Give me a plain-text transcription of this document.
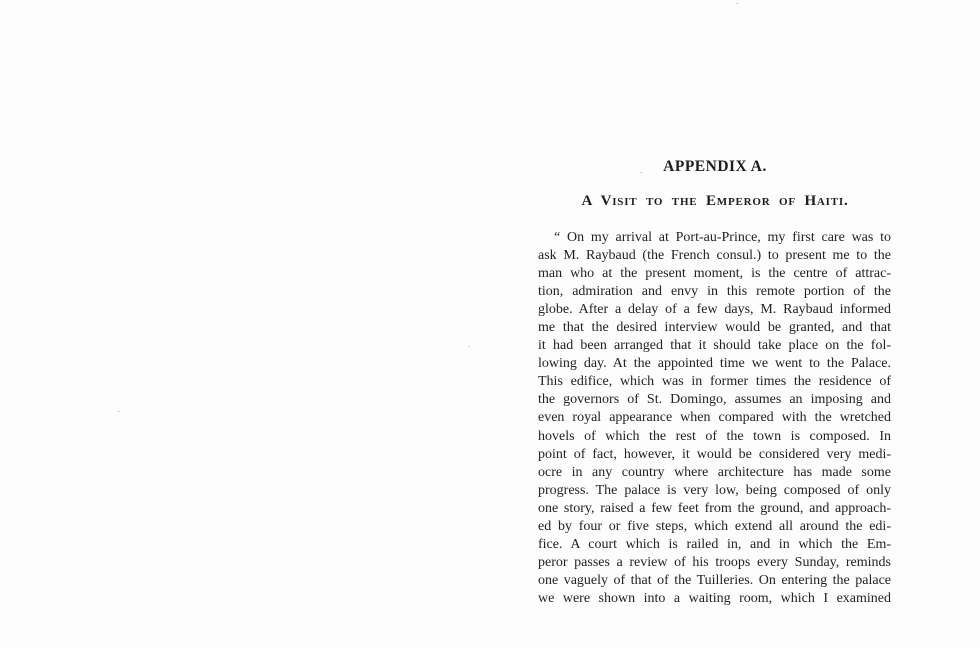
APPENDIX A.
A Visit to the Emperor of Haiti.
“ On my arrival at Port-au-Prince, my first care was to
ask M. Raybaud (the French consul.) to present me to the
man who at the present moment, is the centre of attrac-
tion, admiration and envy in this remote portion of the
globe. After a delay of a few days, M. Raybaud informed
me that the desired interview would be granted, and that
it had been arranged that it should take place on the fol-
lowing day. At the appointed time we went to the Palace.
This edifice, which was in former times the residence of
the governors of St. Domingo, assumes an imposing and
even royal appearance when compared with the wretched
hovels of which the rest of the town is composed. In
point of fact, however, it would be considered very medi-
ocre in any country where architecture has made some
progress. The palace is very low, being composed of only
one story, raised a few feet from the ground, and approach-
ed by four or five steps, which extend all around the edi-
fice. A court which is railed in, and in which the Em-
peror passes a review of his troops every Sunday, reminds
one vaguely of that of the Tuilleries. On entering the palace
we were shown into a waiting room, which I examined
